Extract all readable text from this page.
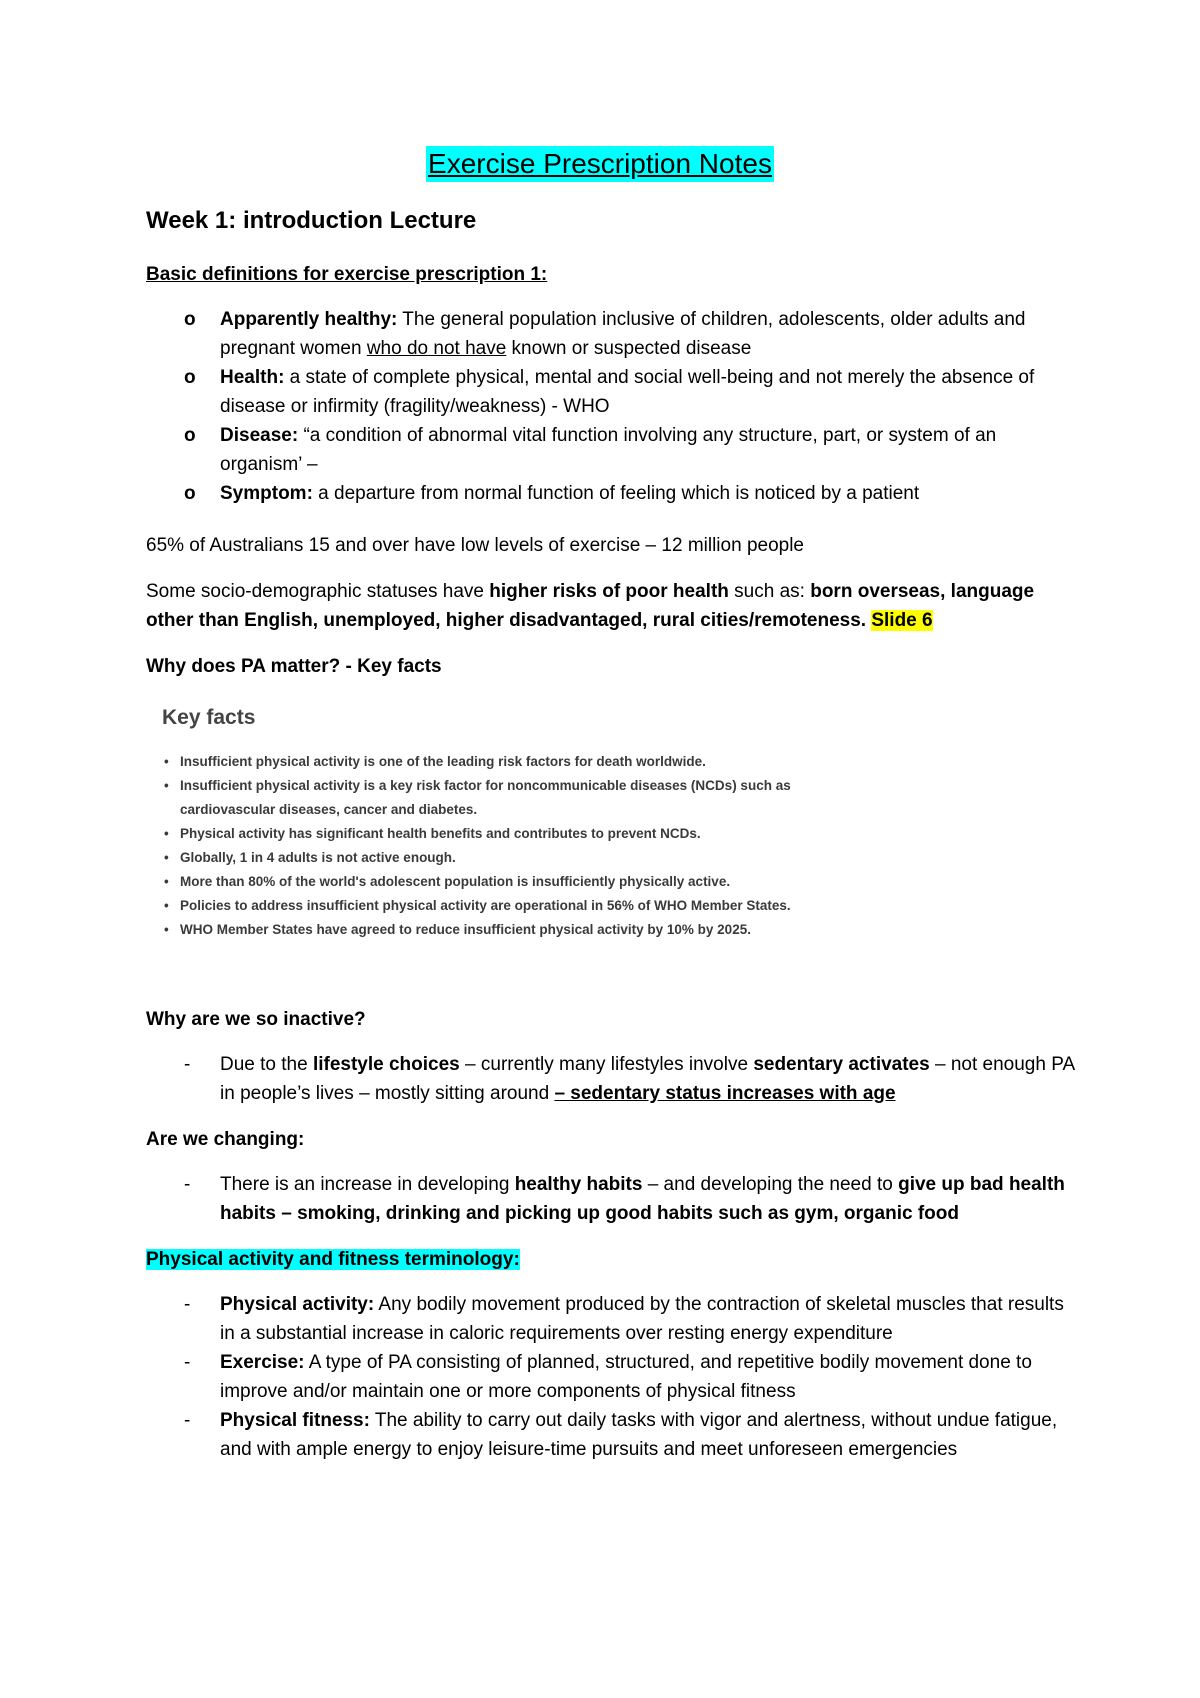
Exercise Prescription Notes
Week 1: introduction Lecture
Basic definitions for exercise prescription 1:
o Apparently healthy: The general population inclusive of children, adolescents, older adults and pregnant women who do not have known or suspected disease
o Health: a state of complete physical, mental and social well-being and not merely the absence of disease or infirmity (fragility/weakness) - WHO
o Disease: “a condition of abnormal vital function involving any structure, part, or system of an organism’ –
o Symptom: a departure from normal function of feeling which is noticed by a patient
65% of Australians 15 and over have low levels of exercise – 12 million people
Some socio-demographic statuses have higher risks of poor health such as: born overseas, language other than English, unemployed, higher disadvantaged, rural cities/remoteness. Slide 6
Why does PA matter? - Key facts
Key facts
• Insufficient physical activity is one of the leading risk factors for death worldwide.
• Insufficient physical activity is a key risk factor for noncommunicable diseases (NCDs) such as cardiovascular diseases, cancer and diabetes.
• Physical activity has significant health benefits and contributes to prevent NCDs.
• Globally, 1 in 4 adults is not active enough.
• More than 80% of the world's adolescent population is insufficiently physically active.
• Policies to address insufficient physical activity are operational in 56% of WHO Member States.
• WHO Member States have agreed to reduce insufficient physical activity by 10% by 2025.
Why are we so inactive?
- Due to the lifestyle choices – currently many lifestyles involve sedentary activates – not enough PA in people’s lives – mostly sitting around – sedentary status increases with age
Are we changing:
- There is an increase in developing healthy habits – and developing the need to give up bad health habits – smoking, drinking and picking up good habits such as gym, organic food
Physical activity and fitness terminology:
- Physical activity: Any bodily movement produced by the contraction of skeletal muscles that results in a substantial increase in caloric requirements over resting energy expenditure
- Exercise: A type of PA consisting of planned, structured, and repetitive bodily movement done to improve and/or maintain one or more components of physical fitness
- Physical fitness: The ability to carry out daily tasks with vigor and alertness, without undue fatigue, and with ample energy to enjoy leisure-time pursuits and meet unforeseen emergencies
